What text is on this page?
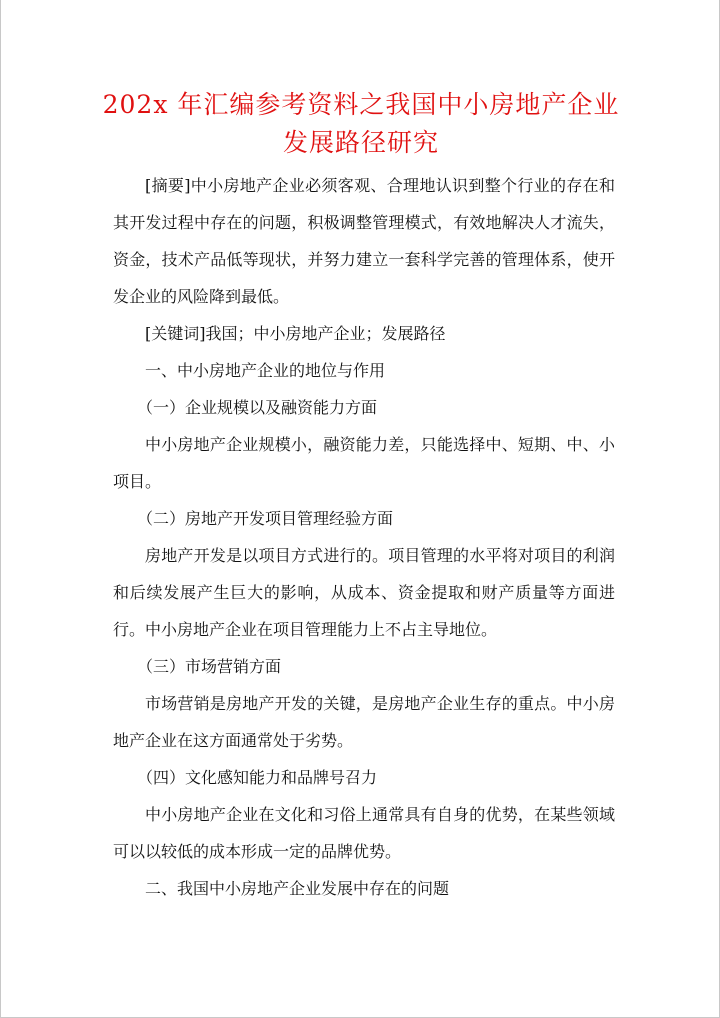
202x 年汇编参考资料之我国中小房地产企业发展路径研究

[摘要]中小房地产企业必须客观、合理地认识到整个行业的存在和其开发过程中存在的问题，积极调整管理模式，有效地解决人才流失，资金，技术产品低等现状，并努力建立一套科学完善的管理体系，使开发企业的风险降到最低。

[关键词]我国；中小房地产企业；发展路径

一、中小房地产企业的地位与作用

（一）企业规模以及融资能力方面

中小房地产企业规模小，融资能力差，只能选择中、短期、中、小项目。

（二）房地产开发项目管理经验方面

房地产开发是以项目方式进行的。项目管理的水平将对项目的利润和后续发展产生巨大的影响，从成本、资金提取和财产质量等方面进行。中小房地产企业在项目管理能力上不占主导地位。

（三）市场营销方面

市场营销是房地产开发的关键，是房地产企业生存的重点。中小房地产企业在这方面通常处于劣势。

（四）文化感知能力和品牌号召力

中小房地产企业在文化和习俗上通常具有自身的优势，在某些领域可以以较低的成本形成一定的品牌优势。

二、我国中小房地产企业发展中存在的问题
